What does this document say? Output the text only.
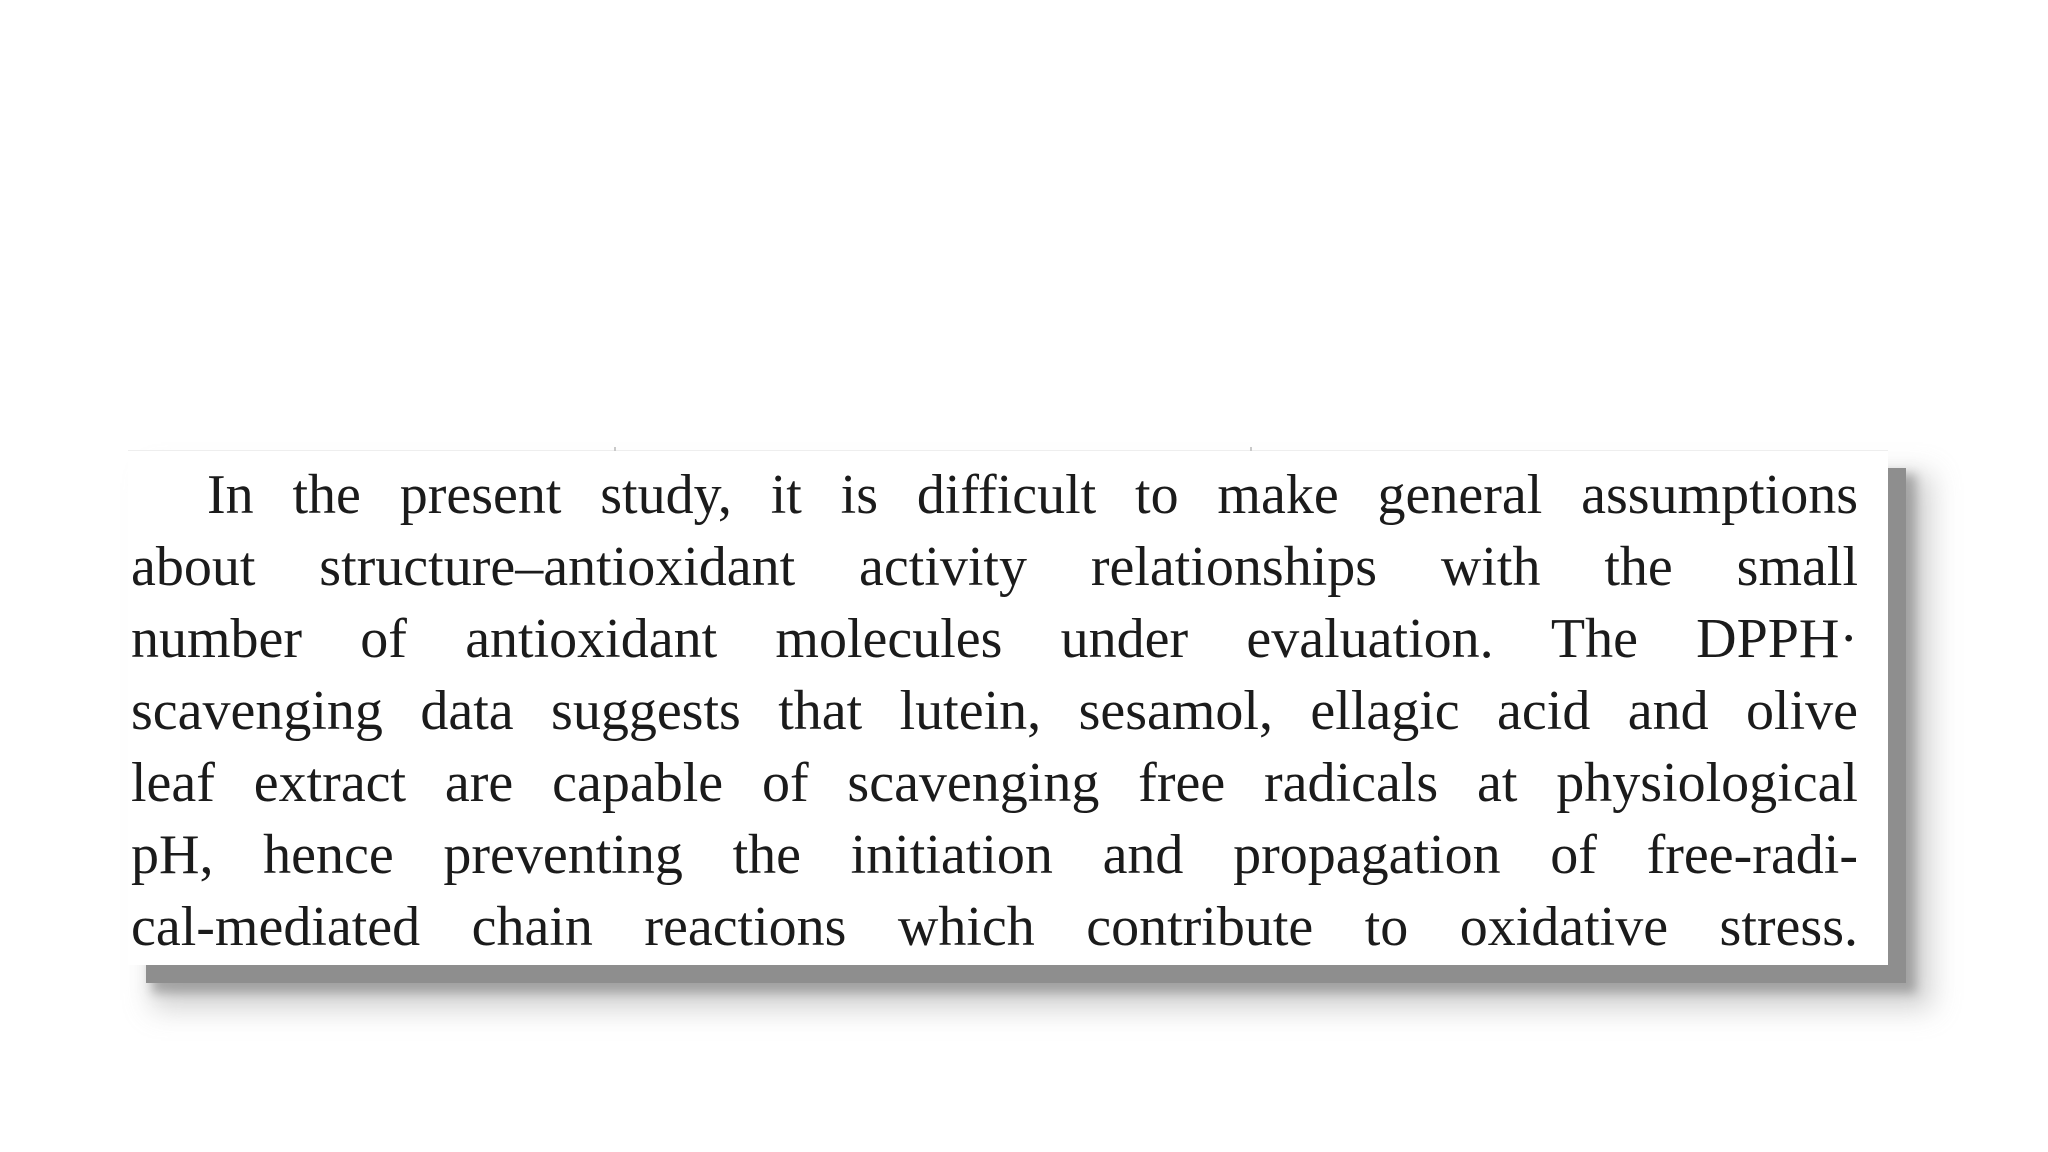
In the present study, it is difficult to make general assumptions
about structure–antioxidant activity relationships with the small
number of antioxidant molecules under evaluation. The DPPH·
scavenging data suggests that lutein, sesamol, ellagic acid and olive
leaf extract are capable of scavenging free radicals at physiological
pH, hence preventing the initiation and propagation of free-radi-
cal-mediated chain reactions which contribute to oxidative stress.
